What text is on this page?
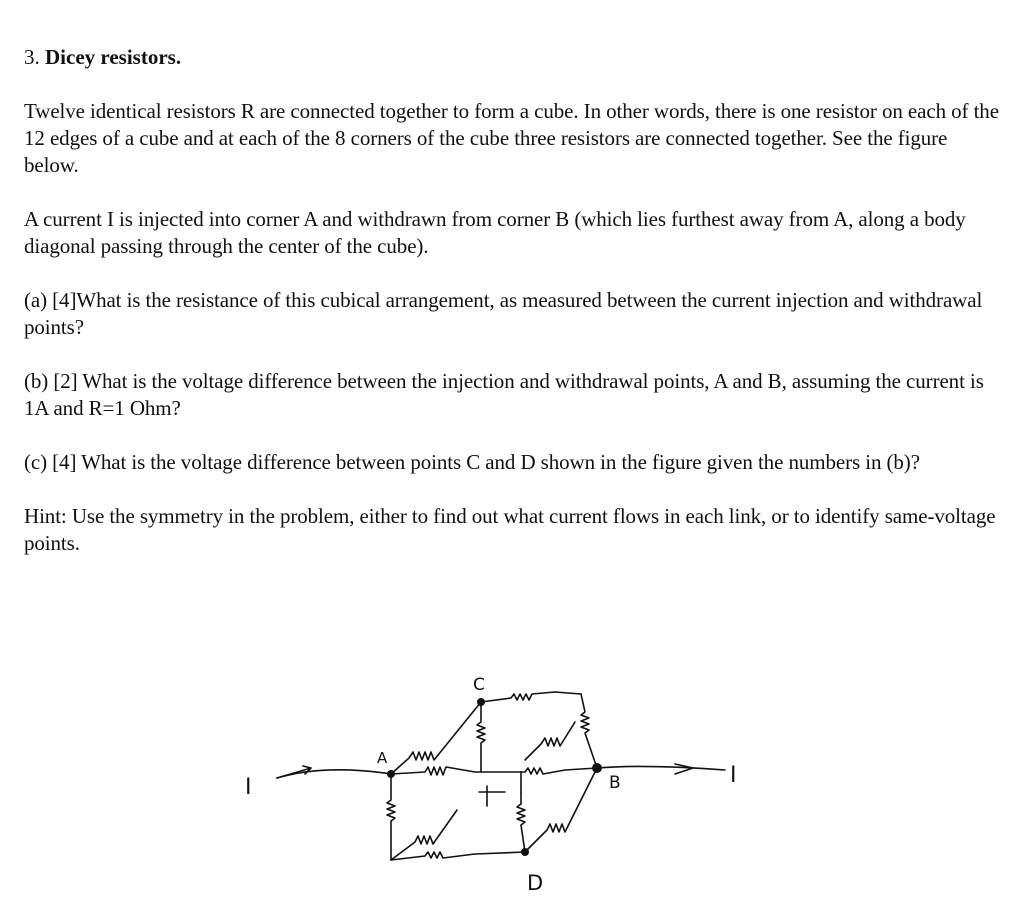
3. Dicey resistors.

Twelve identical resistors R are connected together to form a cube. In other words, there is one resistor on each of the 12 edges of a cube and at each of the 8 corners of the cube three resistors are connected together. See the figure below.

A current I is injected into corner A and withdrawn from corner B (which lies furthest away from A, along a body diagonal passing through the center of the cube).

(a) [4]What is the resistance of this cubical arrangement, as measured between the current injection and withdrawal points?

(b) [2] What is the voltage difference between the injection and withdrawal points, A and B, assuming the current is 1A and R=1 Ohm?

(c) [4] What is the voltage difference between points C and D shown in the figure given the numbers in (b)?

Hint: Use the symmetry in the problem, either to find out what current flows in each link, or to identify same-voltage points.

I	I
A
C
B
D
